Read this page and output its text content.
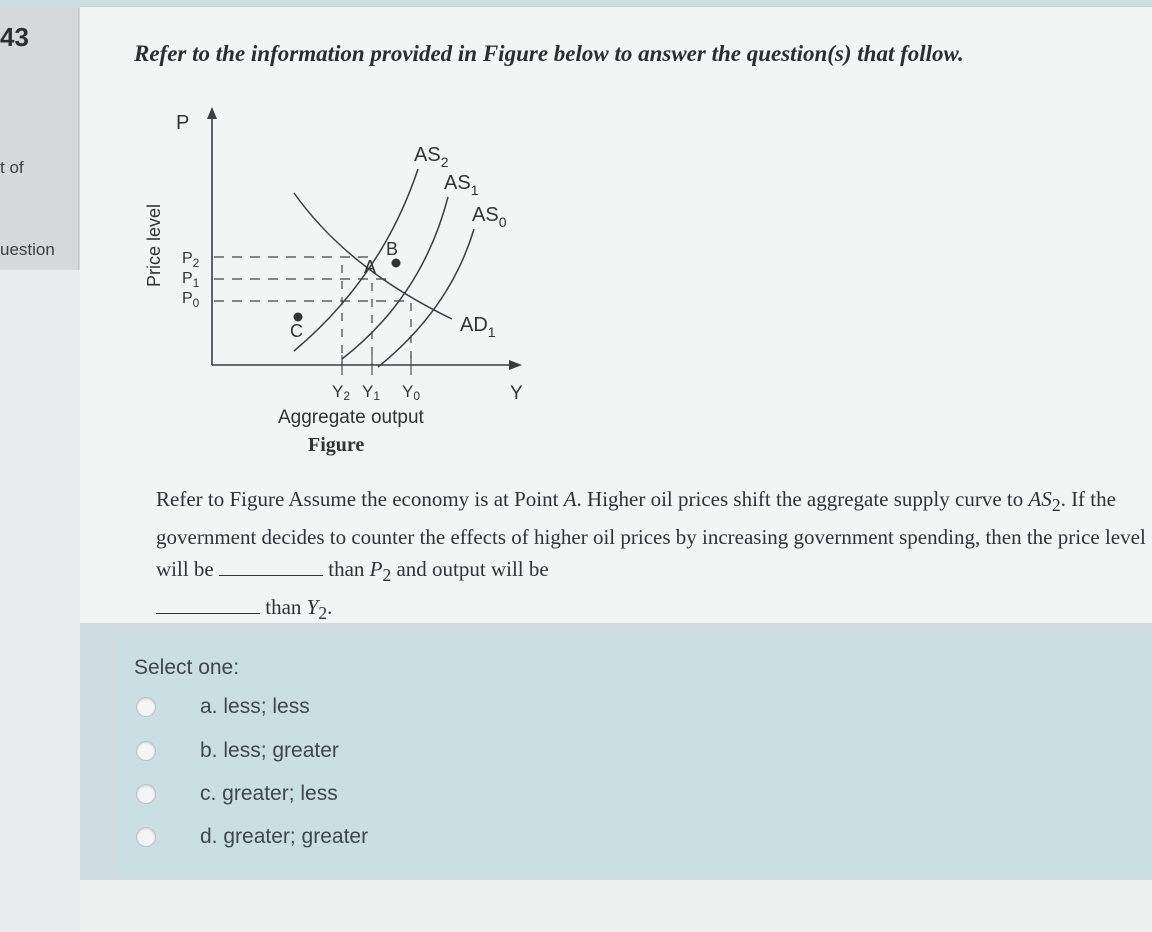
43
t of
uestion

Refer to the information provided in Figure below to answer the question(s) that follow.

P
Price level
Y
$AS_2$
$AS_1$
$AS_0$
$AD_1$
B
A
C
$P_2$
$P_1$
$P_0$
Y2 Y1 Y0
Aggregate output
Figure

Refer to Figure Assume the economy is at Point A. Higher oil prices shift the aggregate supply curve to $AS_2$. If the government decides to counter the effects of higher oil prices by increasing government spending, then the price level will be	than $P_2$ and output will be
than $Y_2$.

Select one:
a. less; less
b. less; greater
c. greater; less
d. greater; greater
